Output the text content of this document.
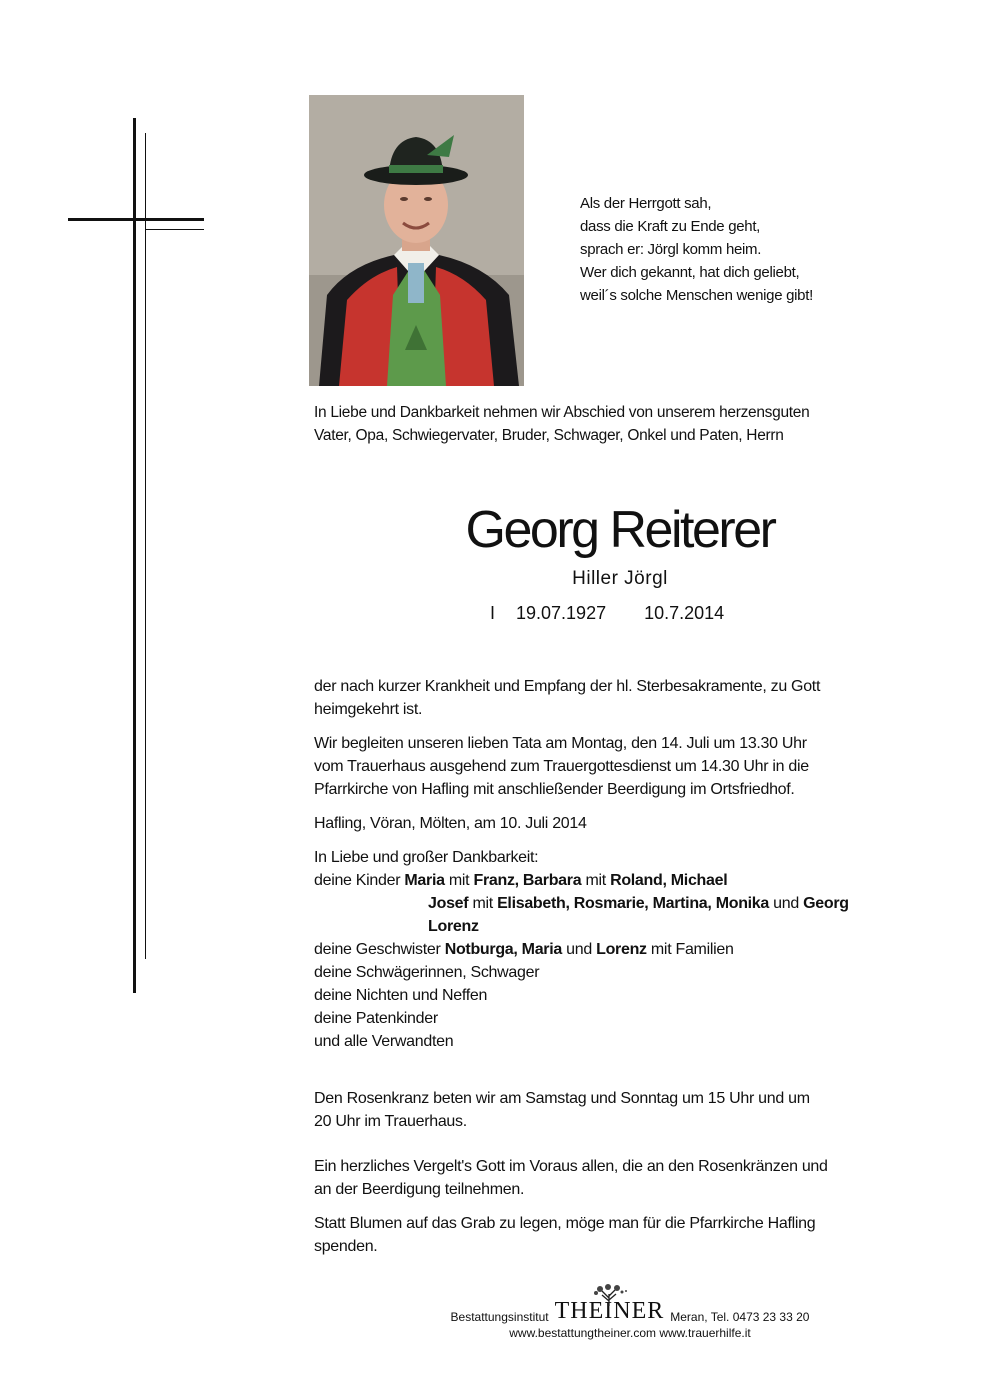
Als der Herrgott sah,
dass die Kraft zu Ende geht,
sprach er: Jörgl komm heim.
Wer dich gekannt, hat dich geliebt,
weil´s solche Menschen wenige gibt!
In Liebe und Dankbarkeit nehmen wir Abschied von unserem herzensguten
Vater, Opa, Schwiegervater, Bruder, Schwager, Onkel und Paten, Herrn
Georg Reiterer
Hiller Jörgl
I 19.07.1927 10.7.2014
der nach kurzer Krankheit und Empfang der hl. Sterbesakramente, zu Gott
heimgekehrt ist.
Wir begleiten unseren lieben Tata am Montag, den 14. Juli um 13.30 Uhr
vom Trauerhaus ausgehend zum Trauergottesdienst um 14.30 Uhr in die
Pfarrkirche von Hafling mit anschließender Beerdigung im Ortsfriedhof.
Hafling, Vöran, Mölten, am 10. Juli 2014
In Liebe und großer Dankbarkeit:
deine Kinder Maria mit Franz, Barbara mit Roland, Michael
Josef mit Elisabeth, Rosmarie, Martina, Monika und Georg
Lorenz
deine Geschwister Notburga, Maria und Lorenz mit Familien
deine Schwägerinnen, Schwager
deine Nichten und Neffen
deine Patenkinder
und alle Verwandten
Den Rosenkranz beten wir am Samstag und Sonntag um 15 Uhr und um
20 Uhr im Trauerhaus.
Ein herzliches Vergelt's Gott im Voraus allen, die an den Rosenkränzen und
an der Beerdigung teilnehmen.
Statt Blumen auf das Grab zu legen, möge man für die Pfarrkirche Hafling
spenden.
Bestattungsinstitut THEINER Meran, Tel. 0473 23 33 20
www.bestattungtheiner.com www.trauerhilfe.it
